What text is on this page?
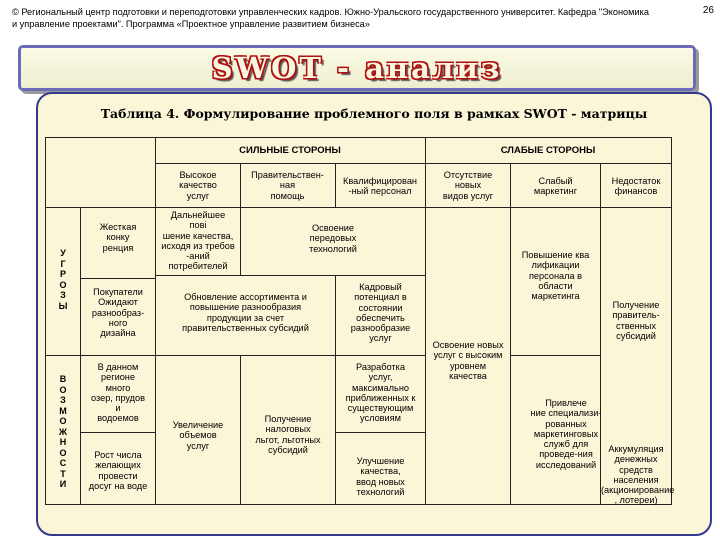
© Региональный центр подготовки и переподготовки управленческих кадров. Южно-Уральского государственного университет. Кафедра "Экономика и управление проектами". Программа «Проектное управление развитием бизнеса»
26
SWOT - анализ
Таблица 4. Формулирование проблемного поля в рамках SWOT - матрицы
СИЛЬНЫЕ СТОРОНЫ	СЛАБЫЕ СТОРОНЫ
У
Г
Р
О
З
Ы
В
О
З
М
О
Ж
Н
О
С
Т
И
Высокое
качество
услуг
Правительствен-
ная
помощь
Квалифицирован
-ный персонал
Отсутствие
новых
видов услуг
Слабый
маркетинг
Недостаток
финансов
Жесткая
конку
ренция
Покупатели
Ожидают
разнообраз-
ного
дизайна
В данном
регионе
много
озер, прудов
и
водоемов
Рост числа
желающих
провести
досуг на воде
Дальнейшее
пові
шение качества,
исходя из требов
-аний
потребителей
Освоение
передовых
технологий
Обновление ассортимента и
повышение разнообразия
продукции за счет
правительственных субсидий
Кадровый
потенциал в
состоянии
обеспечить
разнообразие
услуг
Увеличение
объемов
услуг
Получение
налоговых
льгот, льготных
субсидий
Разработка
услуг,
максимально
приближенных к
существующим
условиям
Улучшение
качества,
ввод новых
технологий
Повышение ква
лификации
персонала в
области
маркетинга
Получение
правитель-
ственных
субсидий
Освоение новых
услуг с высоким
уровнем
качества
Привлече
ние специализи-
рованных
маркетинговых
служб для
проведе-ния
исследований
Аккумуляция
денежных
средств
населения
(акционирование
, лотереи)
